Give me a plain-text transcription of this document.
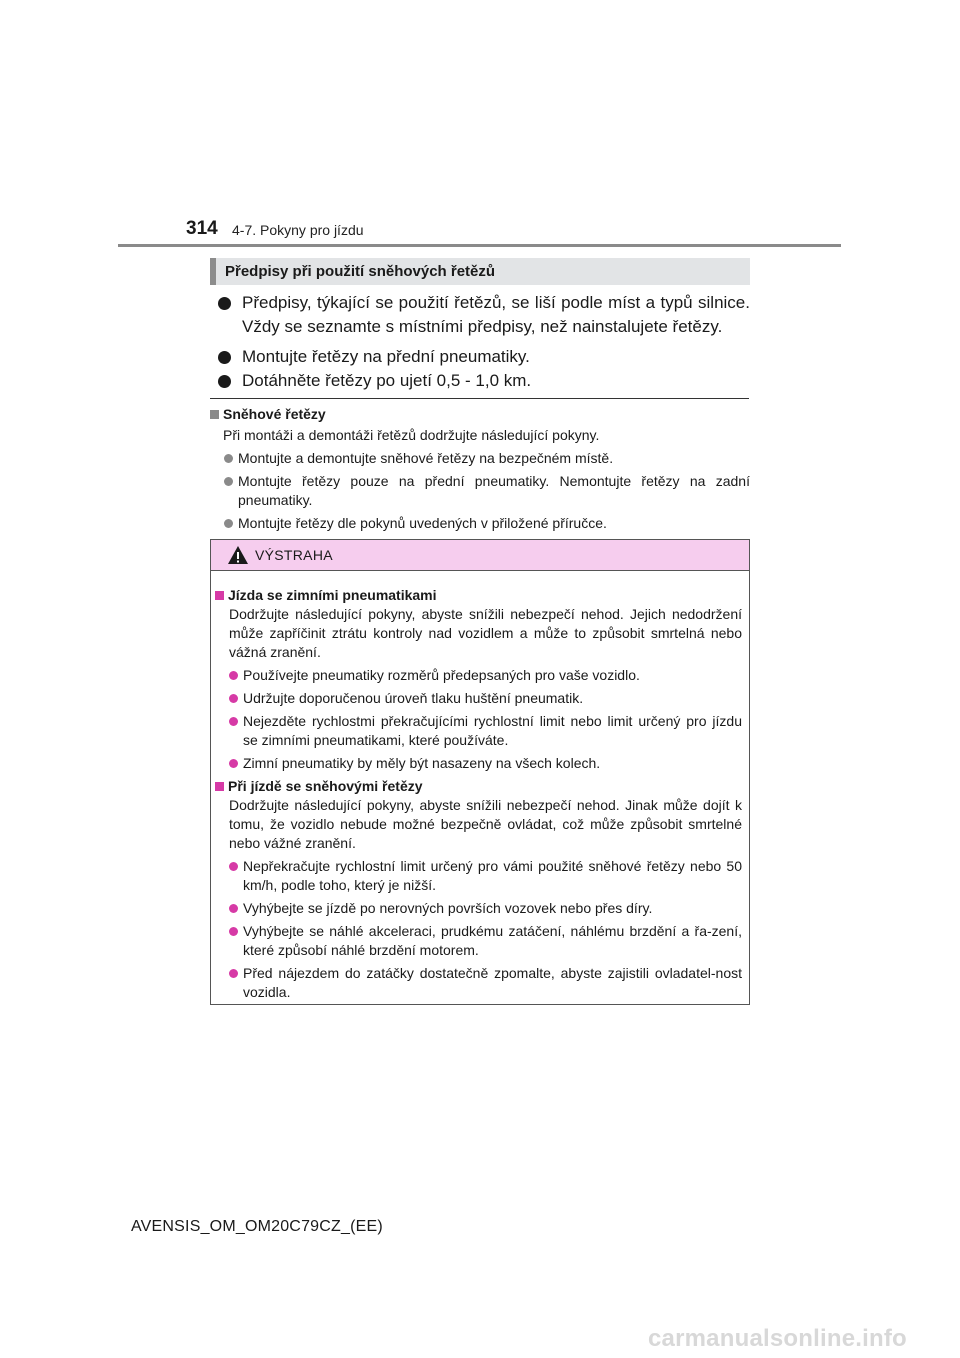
314 4-7. Pokyny pro jízdu
Předpisy při použití sněhových řetězů
Předpisy, týkající se použití řetězů, se liší podle míst a typů silnice. Vždy se seznamte s místními předpisy, než nainstalujete řetězy.
Montujte řetězy na přední pneumatiky.
Dotáhněte řetězy po ujetí 0,5 - 1,0 km.
Sněhové řetězy
Při montáži a demontáži řetězů dodržujte následující pokyny.
Montujte a demontujte sněhové řetězy na bezpečném místě.
Montujte řetězy pouze na přední pneumatiky. Nemontujte řetězy na zadní pneumatiky.
Montujte řetězy dle pokynů uvedených v přiložené příručce.
VÝSTRAHA
Jízda se zimními pneumatikami
Dodržujte následující pokyny, abyste snížili nebezpečí nehod. Jejich nedodržení může zapříčinit ztrátu kontroly nad vozidlem a může to způsobit smrtelná nebo vážná zranění.
Používejte pneumatiky rozměrů předepsaných pro vaše vozidlo.
Udržujte doporučenou úroveň tlaku huštění pneumatik.
Nejezděte rychlostmi překračujícími rychlostní limit nebo limit určený pro jízdu se zimními pneumatikami, které používáte.
Zimní pneumatiky by měly být nasazeny na všech kolech.
Při jízdě se sněhovými řetězy
Dodržujte následující pokyny, abyste snížili nebezpečí nehod. Jinak může dojít k tomu, že vozidlo nebude možné bezpečně ovládat, což může způsobit smrtelné nebo vážné zranění.
Nepřekračujte rychlostní limit určený pro vámi použité sněhové řetězy nebo 50 km/h, podle toho, který je nižší.
Vyhýbejte se jízdě po nerovných površích vozovek nebo přes díry.
Vyhýbejte se náhlé akceleraci, prudkému zatáčení, náhlému brzdění a řa-zení, které způsobí náhlé brzdění motorem.
Před nájezdem do zatáčky dostatečně zpomalte, abyste zajistili ovladatel-nost vozidla.
AVENSIS_OM_OM20C79CZ_(EE)
carmanualsonline.info
